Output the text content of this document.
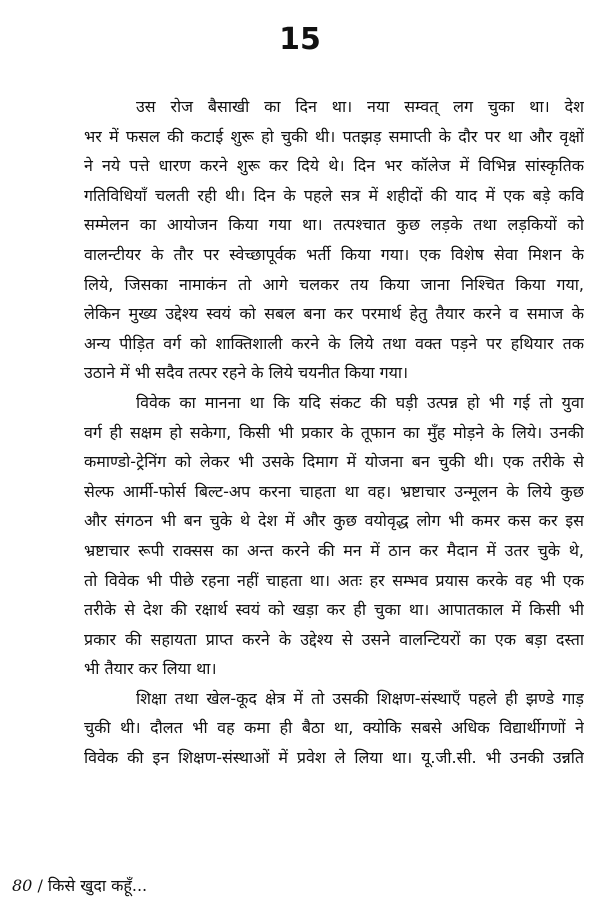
15
उस रोज बैसाखी का दिन था। नया सम्वत् लग चुका था। देश
भर में फसल की कटाई शुरू हो चुकी थी। पतझड़ समाप्ती के दौर पर था और वृक्षों
ने नये पत्ते धारण करने शुरू कर दिये थे। दिन भर कॉलेज में विभिन्न सांस्कृतिक
गतिविधियाँ चलती रही थी। दिन के पहले सत्र में शहीदों की याद में एक बड़े कवि
सम्मेलन का आयोजन किया गया था। तत्पश्चात कुछ लड़के तथा लड़कियों को
वालन्टीयर के तौर पर स्वेच्छापूर्वक भर्ती किया गया। एक विशेष सेवा मिशन के
लिये, जिसका नामाकंन तो आगे चलकर तय किया जाना निश्चित किया गया,
लेकिन मुख्य उद्देश्य स्वयं को सबल बना कर परमार्थ हेतु तैयार करने व समाज के
अन्य पीड़ित वर्ग को शाक्तिशाली करने के लिये तथा वक्त पड़ने पर हथियार तक
उठाने में भी सदैव तत्पर रहने के लिये चयनीत किया गया।
विवेक का मानना था कि यदि संकट की घड़ी उत्पन्न हो भी गई तो युवा
वर्ग ही सक्षम हो सकेगा, किसी भी प्रकार के तूफान का मुँह मोड़ने के लिये। उनकी
कमाण्डो-ट्रेनिंग को लेकर भी उसके दिमाग में योजना बन चुकी थी। एक तरीके से
सेल्फ आर्मी-फोर्स बिल्ट-अप करना चाहता था वह। भ्रष्टाचार उन्मूलन के लिये कुछ
और संगठन भी बन चुके थे देश में और कुछ वयोवृद्ध लोग भी कमर कस कर इस
भ्रष्टाचार रूपी राक्सस का अन्त करने की मन में ठान कर मैदान में उतर चुके थे,
तो विवेक भी पीछे रहना नहीं चाहता था। अतः हर सम्भव प्रयास करके वह भी एक
तरीके से देश की रक्षार्थ स्वयं को खड़ा कर ही चुका था। आपातकाल में किसी भी
प्रकार की सहायता प्राप्त करने के उद्देश्य से उसने वालन्टियरों का एक बड़ा दस्ता
भी तैयार कर लिया था।
शिक्षा तथा खेल-कूद क्षेत्र में तो उसकी शिक्षण-संस्थाएँ पहले ही झण्डे गाड़
चुकी थी। दौलत भी वह कमा ही बैठा था, क्योकि सबसे अधिक विद्यार्थीगणों ने
विवेक की इन शिक्षण-संस्थाओं में प्रवेश ले लिया था। यू.जी.सी. भी उनकी उन्नति
80 / किसे खुदा कहूँ...
